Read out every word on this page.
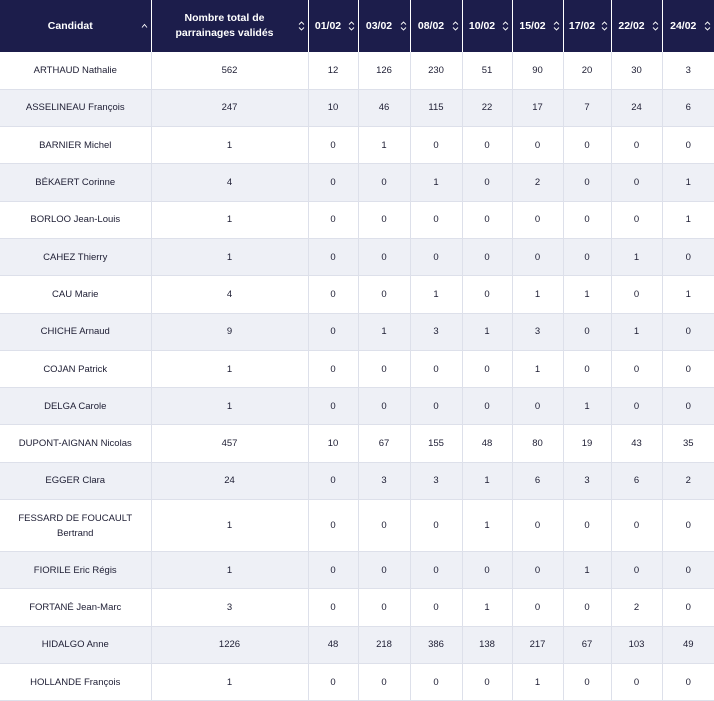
Candidat	Nombre total de parrainages validés	01/02	03/02	08/02	10/02	15/02	17/02	22/02	24/02

ARTHAUD Nathalie	562	12	126	230	51	90	20	30	3
ASSELINEAU François	247	10	46	115	22	17	7	24	6
BARNIER Michel	1	0	1	0	0	0	0	0	0
BÉKAERT Corinne	4	0	0	1	0	2	0	0	1
BORLOO Jean-Louis	1	0	0	0	0	0	0	0	1
CAHEZ Thierry	1	0	0	0	0	0	0	1	0
CAU Marie	4	0	0	1	0	1	1	0	1
CHICHE Arnaud	9	0	1	3	1	3	0	1	0
COJAN Patrick	1	0	0	0	0	1	0	0	0
DELGA Carole	1	0	0	0	0	0	1	0	0
DUPONT-AIGNAN Nicolas	457	10	67	155	48	80	19	43	35
EGGER Clara	24	0	3	3	1	6	3	6	2
FESSARD DE FOUCAULT Bertrand	1	0	0	0	1	0	0	0	0
FIORILE Eric Régis	1	0	0	0	0	0	1	0	0
FORTANÉ Jean-Marc	3	0	0	0	1	0	0	2	0
HIDALGO Anne	1226	48	218	386	138	217	67	103	49
HOLLANDE François	1	0	0	0	0	1	0	0	0
